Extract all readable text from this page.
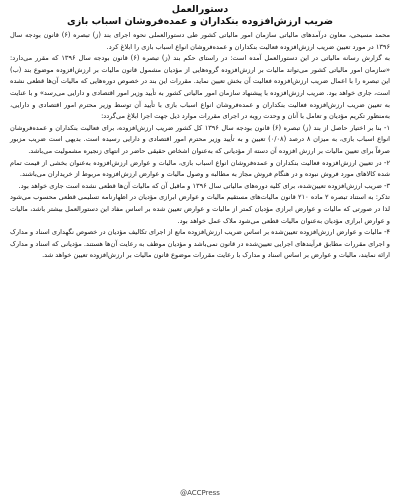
دستورالعمل
ضریب ارزش‌افزوده بنکداران و عمده‌فروشان اسباب بازی

محمد مسیحی، معاون درآمدهای مالیاتی سازمان امور مالیاتی کشور طی دستورالعملی نحوه اجرای بند (ز) تبصره (۶) قانون بودجه سال ۱۳۹۶ در مورد تعیین ضریب ارزش‌افزوده فعالیت بنکداران و عمده‌فروشان انواع اسباب بازی را ابلاغ کرد.

به گزارش رسانه مالیاتی در این دستورالعمل آمده است: در راستای حکم بند (ز) تبصره (۶) قانون بودجه سال ۱۳۹۶ که مقرر می‌دارد: «سازمان امور مالیاتی کشور می‌تواند مالیات بر ارزش‌افزوده گروه‌هایی از مؤدیان مشمول قانون مالیات بر ارزش‌افزوده موضوع بند (ب) این تبصره را با اعمال ضریب ارزش‌افزوده فعالیت آن بخش تعیین نماید. مقررات این بند در خصوص دوره‌هایی که مالیات آن‌ها قطعی نشده است، جاری خواهد بود. ضریب ارزش‌افزوده با پیشنهاد سازمان امور مالیاتی کشور به تأیید وزیر امور اقتصادی و دارایی می‌رسد» و با عنایت به تعیین ضریب ارزش‌افزوده فعالیت بنکداران و عمده‌فروشان انواع اسباب بازی با تأیید آن توسط وزیر محترم امور اقتصادی و دارایی، به‌منظور تکریم مؤدیان و تعامل با آنان و وحدت رویه در اجرای مقررات موارد ذیل جهت اجرا ابلاغ می‌گردد:

۱- بنا بر اختیار حاصل از بند (ز) تبصره (۶) قانون بودجه سال ۱۳۹۶ کل کشور ضریب ارزش‌افزوده، برای فعالیت بنکداران و عمده‌فروشان انواع اسباب بازی، به میزان ۸ درصد (۰/۰۸) تعیین و به تأیید وزیر محترم امور اقتصادی و دارایی رسیده است. بدیهی است ضریب مزبور صرفاً برای تعیین مالیات بر ارزش افزوده آن دسته از مؤدیانی که به‌عنوان اشخاص حقیقی حاضر در انتهای زنجیره مشمولیت می‌باشد.

۲- در تعیین ارزش‌افزوده فعالیت بنکداران و عمده‌فروشان انواع اسباب بازی، مالیات و عوارض ارزش‌افزوده به‌عنوان بخشی از قیمت تمام شده کالاهای مورد فروش نبوده و در هنگام فروش مجاز به مطالبه و وصول مالیات و عوارض ارزش‌افزوده مربوط از خریداران می‌باشند.

۳- ضریب ارزش‌افزوده تعیین‌شده، برای کلیه دوره‌های مالیاتی سال ۱۳۹۶ و ماقبل آن که مالیات آن‌ها قطعی نشده است جاری خواهد بود.

تذکر: به استناد تبصره ۲ ماده ۲۱۰ قانون مالیات‌های مستقیم مالیات و عوارض ابرازی مؤدیان در اظهارنامه تسلیمی قطعی محسوب می‌شود لذا در صورتی که مالیات و عوارض ابرازی مؤدیان کمتر از مالیات و عوارض تعیین شده بر اساس مفاد این دستورالعمل بیشتر باشد، مالیات و عوارض ابرازی مؤدیان به‌عنوان مالیات قطعی می‌شود ملاک عمل خواهد بود.

۴- مالیات و عوارض ارزش‌افزوده تعیین‌شده بر اساس ضریب ارزش‌افزوده مانع از اجرای تکالیف مؤدیان در خصوص نگهداری اسناد و مدارک و اجرای مقررات مطابق فرآیندهای اجرایی تعیین‌شده در قانون نمی‌باشد و مؤدیان موظف به رعایت آن‌ها هستند. مؤدیانی که اسناد و مدارک ارائه نمایند، مالیات و عوارض بر اساس اسناد و مدارک با رعایت مقررات موضوع قانون مالیات بر ارزش‌افزوده تعیین خواهد شد.

@ACCPress
